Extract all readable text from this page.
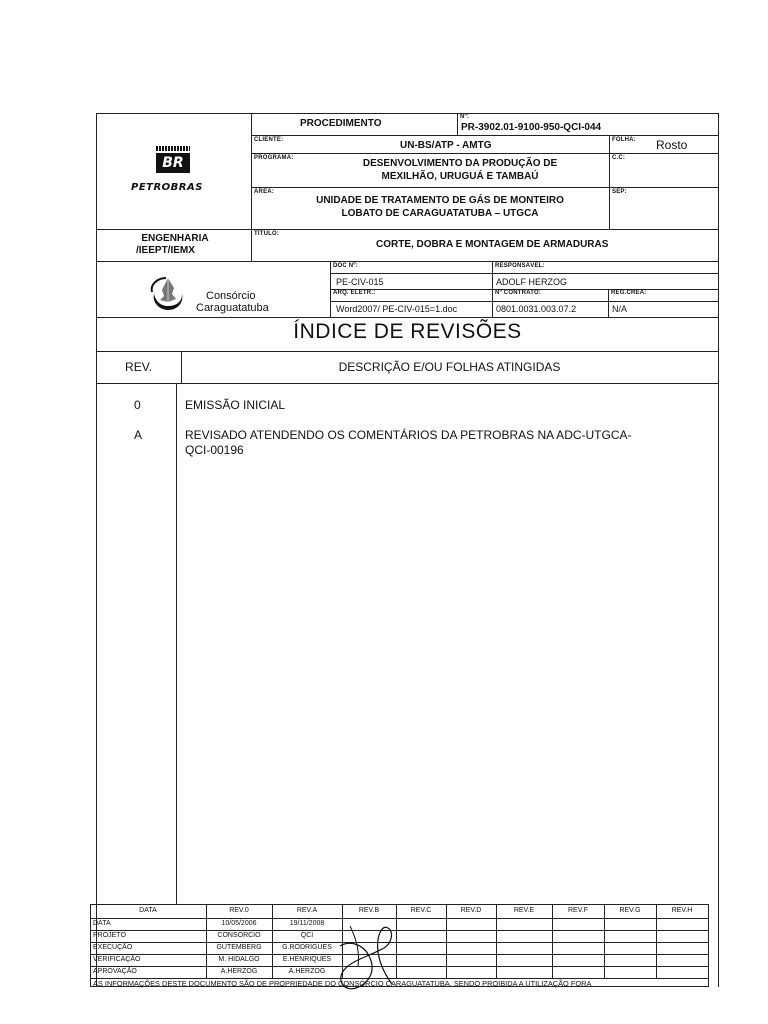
PROCEDIMENTO
Nº:
PR-3902.01-9100-950-QCI-044
CLIENTE:	UN-BS/ATP - AMTG	FOLHA: Rosto
PROGRAMA:	DESENVOLVIMENTO DA PRODUÇÃO DE
MEXILHÃO, URUGUÁ E TAMBAÚ
C.C:
ÁREA:
UNIDADE DE TRATAMENTO DE GÁS DE MONTEIRO
LOBATO DE CARAGUATATUBA – UTGCA
SEP:
BR
PETROBRAS
ENGENHARIA
/IEEPT/IEMX
TÍTULO:
CORTE, DOBRA E MONTAGEM DE ARMADURAS
Consórcio
Caraguatatuba
DOC Nº:
PE-CIV-015
RESPONSÁVEL:
ADOLF HERZOG
ARQ. ELETR.:
Word2007/ PE-CIV-015=1.doc
Nº CONTRATO:
0801.0031.003.07.2
REG.CREA:
N/A
ÍNDICE DE REVISÕES
REV.	DESCRIÇÃO E/OU FOLHAS ATINGIDAS
0	EMISSÃO INICIAL
A	REVISADO ATENDENDO OS COMENTÁRIOS DA PETROBRAS NA ADC-UTGCA-
QCI-00196
DATA	REV.0	REV.A	REV.B	REV.C	REV.D	REV.E	REV.F	REV.G	REV.H
DATA	10/05/2006	19/11/2008
PROJETO	CONSORCIO	QCI
EXECUÇÃO	GUTEMBERG	G.RODRIGUES
VERIFICAÇÃO	M. HIDALGO	E.HENRIQUES
APROVAÇÃO	A.HERZOG	A.HERZOG
AS INFORMAÇÕES DESTE DOCUMENTO SÃO DE PROPRIEDADE DO CONSÓRCIO CARAGUATATUBA, SENDO PROIBIDA A UTILIZAÇÃO FORA
